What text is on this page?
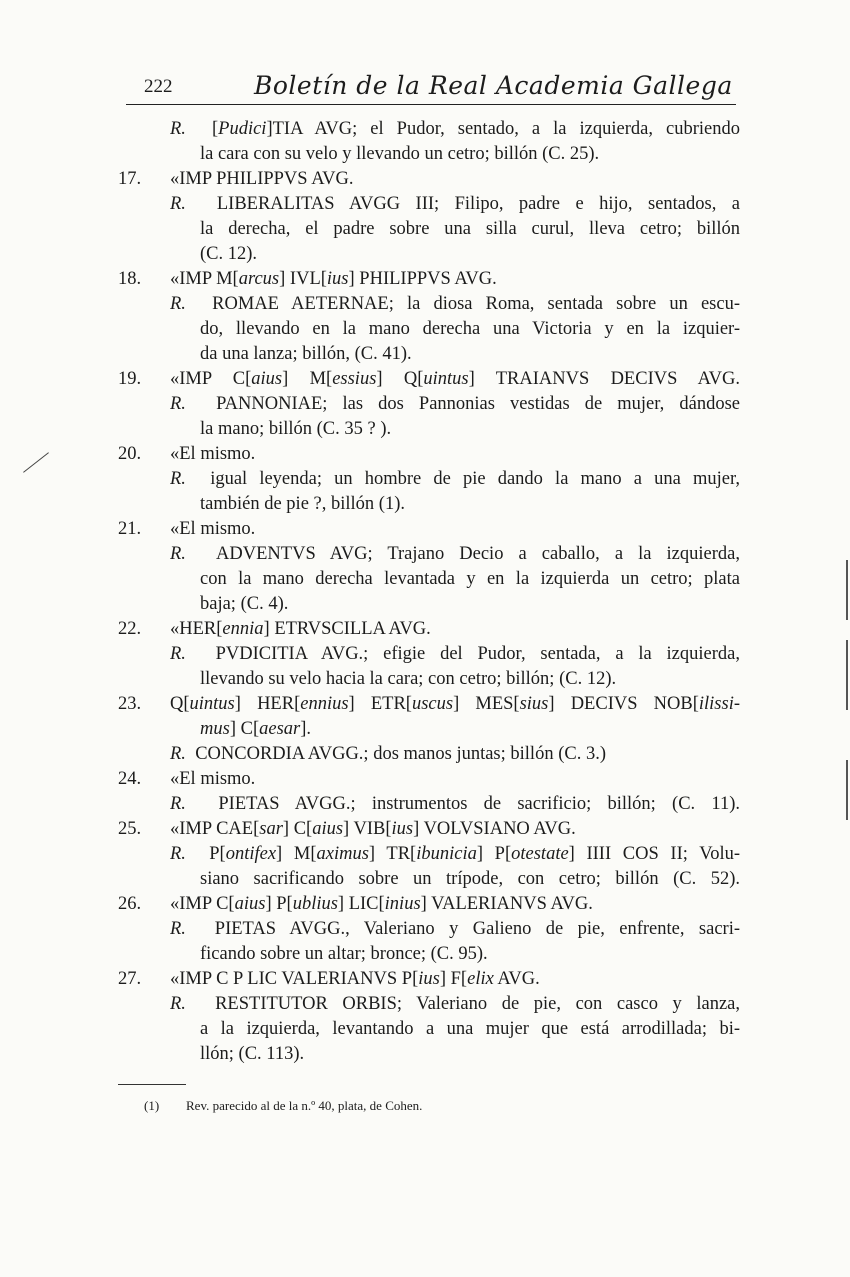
222	Boletín de la Real Academia Gallega
R.  [Pudici]TIA AVG; el Pudor, sentado, a la izquierda, cubriendo
la cara con su velo y llevando un cetro; billón (C. 25).
17.	«IMP PHILIPPVS AVG.
R.  LIBERALITAS AVGG III; Filipo, padre e hijo, sentados, a
la derecha, el padre sobre una silla curul, lleva cetro; billón
(C. 12).
18.	«IMP M[arcus] IVL[ius] PHILIPPVS AVG.
R.  ROMAE AETERNAE; la diosa Roma, sentada sobre un escu-
do, llevando en la mano derecha una Victoria y en la izquier-
da una lanza; billón, (C. 41).
19.	«IMP C[aius] M[essius] Q[uintus] TRAIANVS DECIVS AVG.
R.  PANNONIAE; las dos Pannonias vestidas de mujer, dándose
la mano; billón (C. 35 ? ).
20.	«El mismo.
R.  igual leyenda; un hombre de pie dando la mano a una mujer,
también de pie ?, billón (1).
21.	«El mismo.
R.  ADVENTVS AVG; Trajano Decio a caballo, a la izquierda,
con la mano derecha levantada y en la izquierda un cetro; plata
baja; (C. 4).
22.	«HER[ennia] ETRVSCILLA AVG.
R.  PVDICITIA AVG.; efigie del Pudor, sentada, a la izquierda,
llevando su velo hacia la cara; con cetro; billón; (C. 12).
23.	Q[uintus] HER[ennius] ETR[uscus] MES[sius] DECIVS NOB[ilissi-
mus] C[aesar].
R.  CONCORDIA AVGG.; dos manos juntas; billón (C. 3.)
24.	«El mismo.
R.  PIETAS AVGG.; instrumentos de sacrificio; billón; (C. 11).
25.	«IMP CAE[sar] C[aius] VIB[ius] VOLVSIANO AVG.
R.  P[ontifex] M[aximus] TR[ibunicia] P[otestate] IIII COS II; Volu-
siano sacrificando sobre un trípode, con cetro; billón (C. 52).
26.	«IMP C[aius] P[ublius] LIC[inius] VALERIANVS AVG.
R.  PIETAS AVGG., Valeriano y Galieno de pie, enfrente, sacri-
ficando sobre un altar; bronce; (C. 95).
27.	«IMP C P LIC VALERIANVS P[ius] F[elix AVG.
R.  RESTITUTOR ORBIS; Valeriano de pie, con casco y lanza,
a la izquierda, levantando a una mujer que está arrodillada; bi-
llón; (C. 113).
(1) Rev. parecido al de la n.º 40, plata, de Cohen.
